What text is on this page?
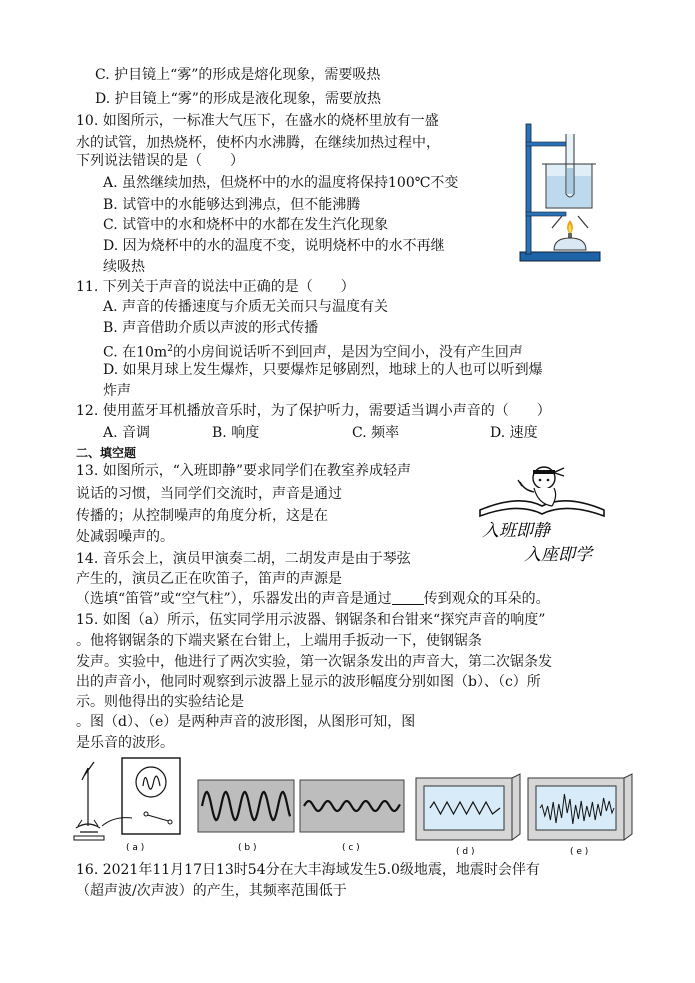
C. 护目镜上“雾”的形成是熔化现象，需要吸热
D. 护目镜上“雾”的形成是液化现象，需要放热
10. 如图所示，一标准大气压下，在盛水的烧杯里放有一盛
水的试管，加热烧杯，使杯内水沸腾，在继续加热过程中，
下列说法错误的是（　　）
A. 虽然继续加热，但烧杯中的水的温度将保持100℃不变
B. 试管中的水能够达到沸点，但不能沸腾
C. 试管中的水和烧杯中的水都在发生汽化现象
D. 因为烧杯中的水的温度不变，说明烧杯中的水不再继
续吸热
11. 下列关于声音的说法中正确的是（　　）
A. 声音的传播速度与介质无关而只与温度有关
B. 声音借助介质以声波的形式传播
C. 在$10m^2$的小房间说话听不到回声，是因为空间小，没有产生回声
D. 如果月球上发生爆炸，只要爆炸足够剧烈，地球上的人也可以听到爆
炸声
12. 使用蓝牙耳机播放音乐时，为了保护听力，需要适当调小声音的（　　）
A. 音调	B. 响度	C. 频率	D. 速度
二、填空题
13. 如图所示，“入班即静”要求同学们在教室养成轻声
说话的习惯，当同学们交流时，声音是通过
传播的；从控制噪声的角度分析，这是在
处减弱噪声的。	入班即静
入座即学
14. 音乐会上，演员甲演奏二胡，二胡发声是由于琴弦
产生的，演员乙正在吹笛子，笛声的声源是
（选填“笛管”或“空气柱”），乐器发出的声音是通过 传到观众的耳朵的。
15. 如图（a）所示，伍实同学用示波器、钢锯条和台钳来“探究声音的响度”
。他将钢锯条的下端夹紧在台钳上，上端用手扳动一下，使钢锯条
发声。实验中，他进行了两次实验，第一次锯条发出的声音大，第二次锯条发
出的声音小，他同时观察到示波器上显示的波形幅度分别如图（b）、（c）所
示。则他得出的实验结论是
。图（d）、（e）是两种声音的波形图，从图形可知，图
是乐音的波形。
( a )	( b )	( c )	( d )	( e )
16. 2021年11月17日13时54分在大丰海域发生5.0级地震，地震时会伴有
（超声波/次声波）的产生，其频率范围低于
